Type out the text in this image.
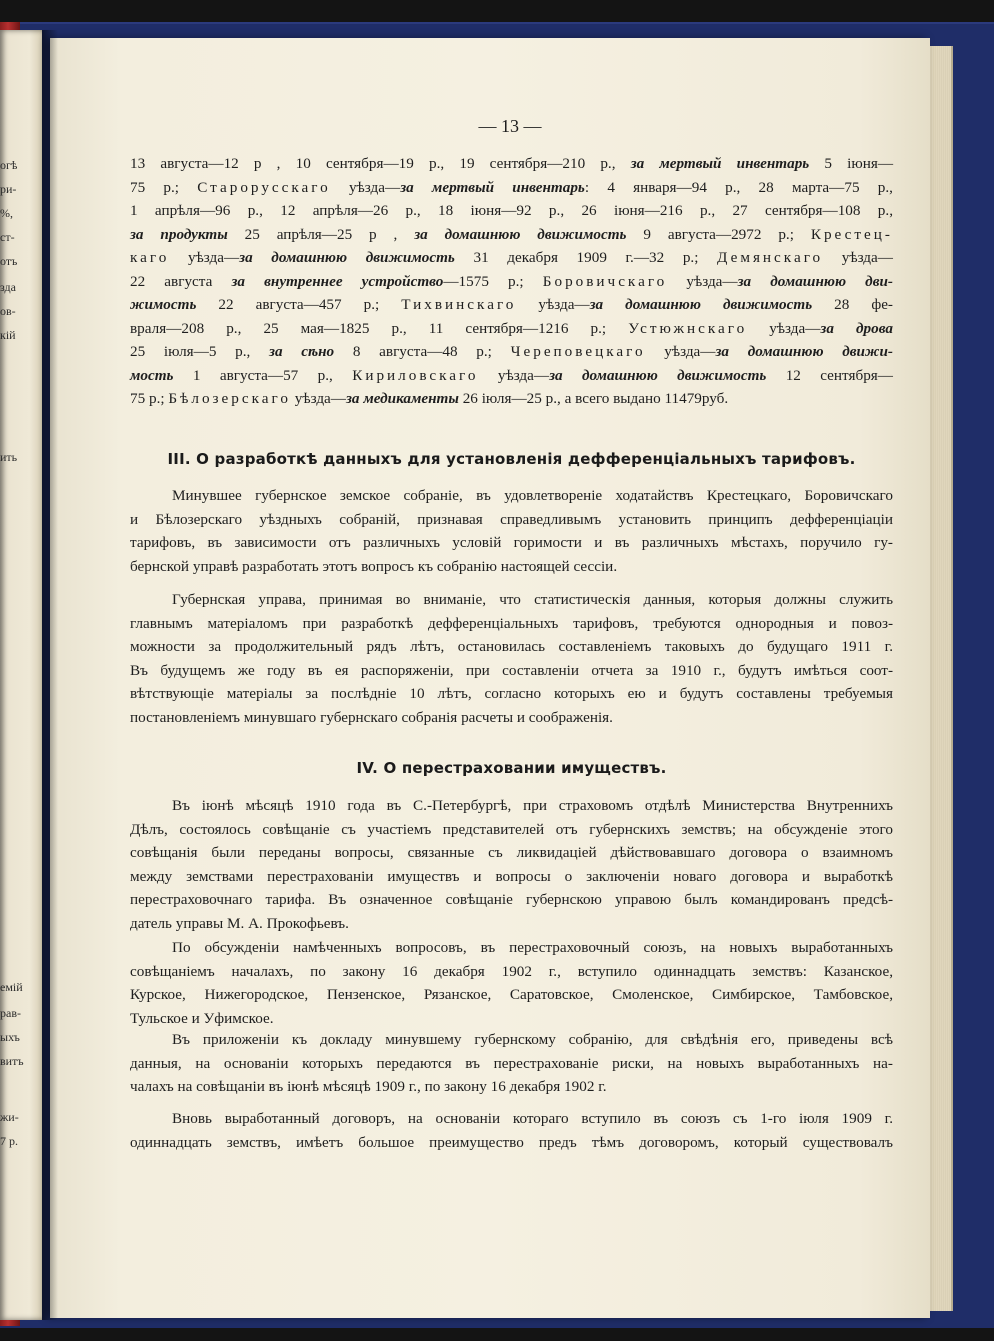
огѣ
ри-
%,
ст-
отъ
зда
ов-
кій
ить
емій
рав-
ыхъ
витъ
жи-
7 р.
— 13 —
13 августа—12 р , 10 сентября—19 р., 19 сентября—210 р., за мертвый инвентарь 5 іюня—
75 р.; Старорусскаго уѣзда—за мертвый инвентарь: 4 января—94 р., 28 марта—75 р.,
1 апрѣля—96 р., 12 апрѣля—26 р., 18 іюня—92 р., 26 іюня—216 р., 27 сентября—108 р.,
за продукты 25 апрѣля—25 р , за домашнюю движимость 9 августа—2972 р.; Крестец-
каго уѣзда—за домашнюю движимость 31 декабря 1909 г.—32 р.; Демянскаго уѣзда—
22 августа за внутреннее устройство—1575 р.; Боровичскаго уѣзда—за домашнюю дви-
жимость 22 августа—457 р.; Тихвинскаго уѣзда—за домашнюю движимость 28 фе-
враля—208 р., 25 мая—1825 р., 11 сентября—1216 р.; Устюжнскаго уѣзда—за дрова
25 іюля—5 р., за сѣно 8 августа—48 р.; Череповецкаго уѣзда—за домашнюю движи-
мость 1 августа—57 р., Кириловскаго уѣзда—за домашнюю движимость 12 сентября—
75 р.; Бѣлозерскаго уѣзда—за медикаменты 26 іюля—25 р., а всего выдано 11479руб.
III. О разработкѣ данныхъ для установленія дефференціальныхъ тарифовъ.
Минувшее губернское земское собраніе, въ удовлетвореніе ходатайствъ Крестецкаго, Боровичскаго
и Бѣлозерскаго уѣздныхъ собраній, признавая справедливымъ установить принципъ дефференціаціи
тарифовъ, въ зависимости отъ различныхъ условій горимости и въ различныхъ мѣстахъ, поручило гу-
бернской управѣ разработать этотъ вопросъ къ собранію настоящей сессіи.
Губернская управа, принимая во вниманіе, что статистическія данныя, которыя должны служить
главнымъ матеріаломъ при разработкѣ дефференціальныхъ тарифовъ, требуются однородныя и повоз-
можности за продолжительный рядъ лѣтъ, остановилась составленіемъ таковыхъ до будущаго 1911 г.
Въ будущемъ же году въ ея распоряженіи, при составленіи отчета за 1910 г., будутъ имѣться соот-
вѣтствующіе матеріалы за послѣдніе 10 лѣтъ, согласно которыхъ ею и будутъ составлены требуемыя
постановленіемъ минувшаго губернскаго собранія расчеты и соображенія.
IV. О перестраховании имуществъ.
Въ іюнѣ мѣсяцѣ 1910 года въ С.-Петербургѣ, при страховомъ отдѣлѣ Министерства Внутреннихъ
Дѣлъ, состоялось совѣщаніе съ участіемъ представителей отъ губернскихъ земствъ; на обсужденіе этого
совѣщанія были переданы вопросы, связанные съ ликвидаціей дѣйствовавшаго договора о взаимномъ
между земствами перестрахованіи имуществъ и вопросы о заключеніи новаго договора и выработкѣ
перестраховочнаго тарифа. Въ означенное совѣщаніе губернскою управою былъ командированъ предсѣ-
датель управы М. А. Прокофьевъ.
По обсужденіи намѣченныхъ вопросовъ, въ перестраховочный союзъ, на новыхъ выработанныхъ
совѣщаніемъ началахъ, по закону 16 декабря 1902 г., вступило одиннадцать земствъ: Казанское,
Курское, Нижегородское, Пензенское, Рязанское, Саратовское, Смоленское, Симбирское, Тамбовское,
Тульское и Уфимское.
Въ приложеніи къ докладу минувшему губернскому собранію, для свѣдѣнія его, приведены всѣ
данныя, на основаніи которыхъ передаются въ перестрахованіе риски, на новыхъ выработанныхъ на-
чалахъ на совѣщаніи въ іюнѣ мѣсяцѣ 1909 г., по закону 16 декабря 1902 г.
Вновь выработанный договоръ, на основаніи котораго вступило въ союзъ съ 1-го іюля 1909 г.
одиннадцать земствъ, имѣетъ большое преимущество предъ тѣмъ договоромъ, который существовалъ
